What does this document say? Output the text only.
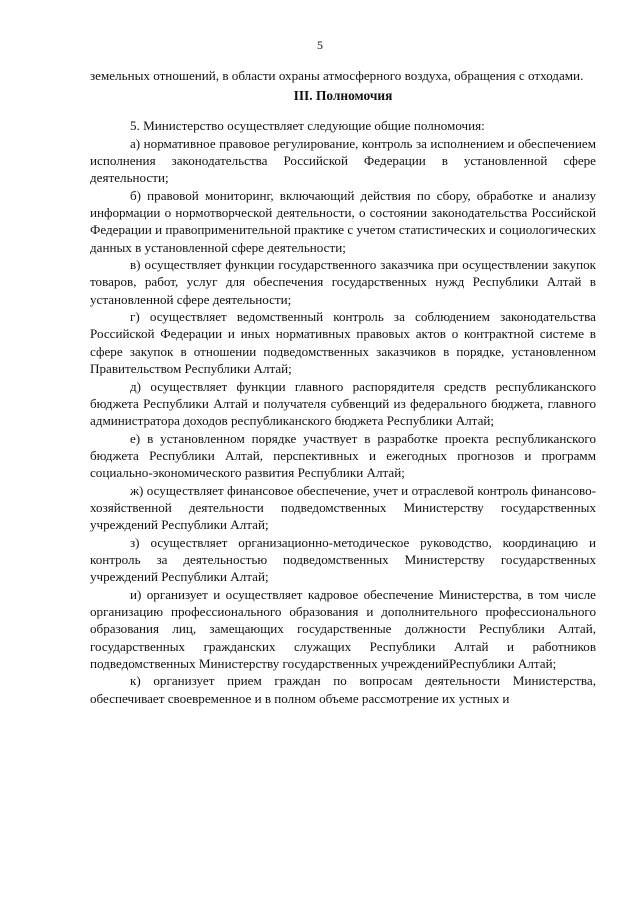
5

земельных отношений, в области охраны атмосферного воздуха, обращения с отходами.

III. Полномочия

5. Министерство осуществляет следующие общие полномочия:

а) нормативное правовое регулирование, контроль за исполнением и обеспечением исполнения законодательства Российской Федерации в установленной сфере деятельности;

б) правовой мониторинг, включающий действия по сбору, обработке и анализу информации о нормотворческой деятельности, о состоянии законодательства Российской Федерации и правоприменительной практике с учетом статистических и социологических данных в установленной сфере деятельности;

в) осуществляет функции государственного заказчика при осуществлении закупок товаров, работ, услуг для обеспечения государственных нужд Республики Алтай в установленной сфере деятельности;

г) осуществляет ведомственный контроль за соблюдением законодательства Российской Федерации и иных нормативных правовых актов о контрактной системе в сфере закупок в отношении подведомственных заказчиков в порядке, установленном Правительством Республики Алтай;

д) осуществляет функции главного распорядителя средств республиканского бюджета Республики Алтай и получателя субвенций из федерального бюджета, главного администратора доходов республиканского бюджета Республики Алтай;

е) в установленном порядке участвует в разработке проекта республиканского бюджета Республики Алтай, перспективных и ежегодных прогнозов и программ социально-экономического развития Республики Алтай;

ж) осуществляет финансовое обеспечение, учет и отраслевой контроль финансово-хозяйственной деятельности подведомственных Министерству государственных учреждений Республики Алтай;

з) осуществляет организационно-методическое руководство, координацию и контроль за деятельностью подведомственных Министерству государственных учреждений Республики Алтай;

и) организует и осуществляет кадровое обеспечение Министерства, в том числе организацию профессионального образования и дополнительного профессионального образования лиц, замещающих государственные должности Республики Алтай, государственных гражданских служащих Республики Алтай и работников подведомственных Министерству государственных учрежденийРеспублики Алтай;

к) организует прием граждан по вопросам деятельности Министерства, обеспечивает своевременное и в полном объеме рассмотрение их устных и
